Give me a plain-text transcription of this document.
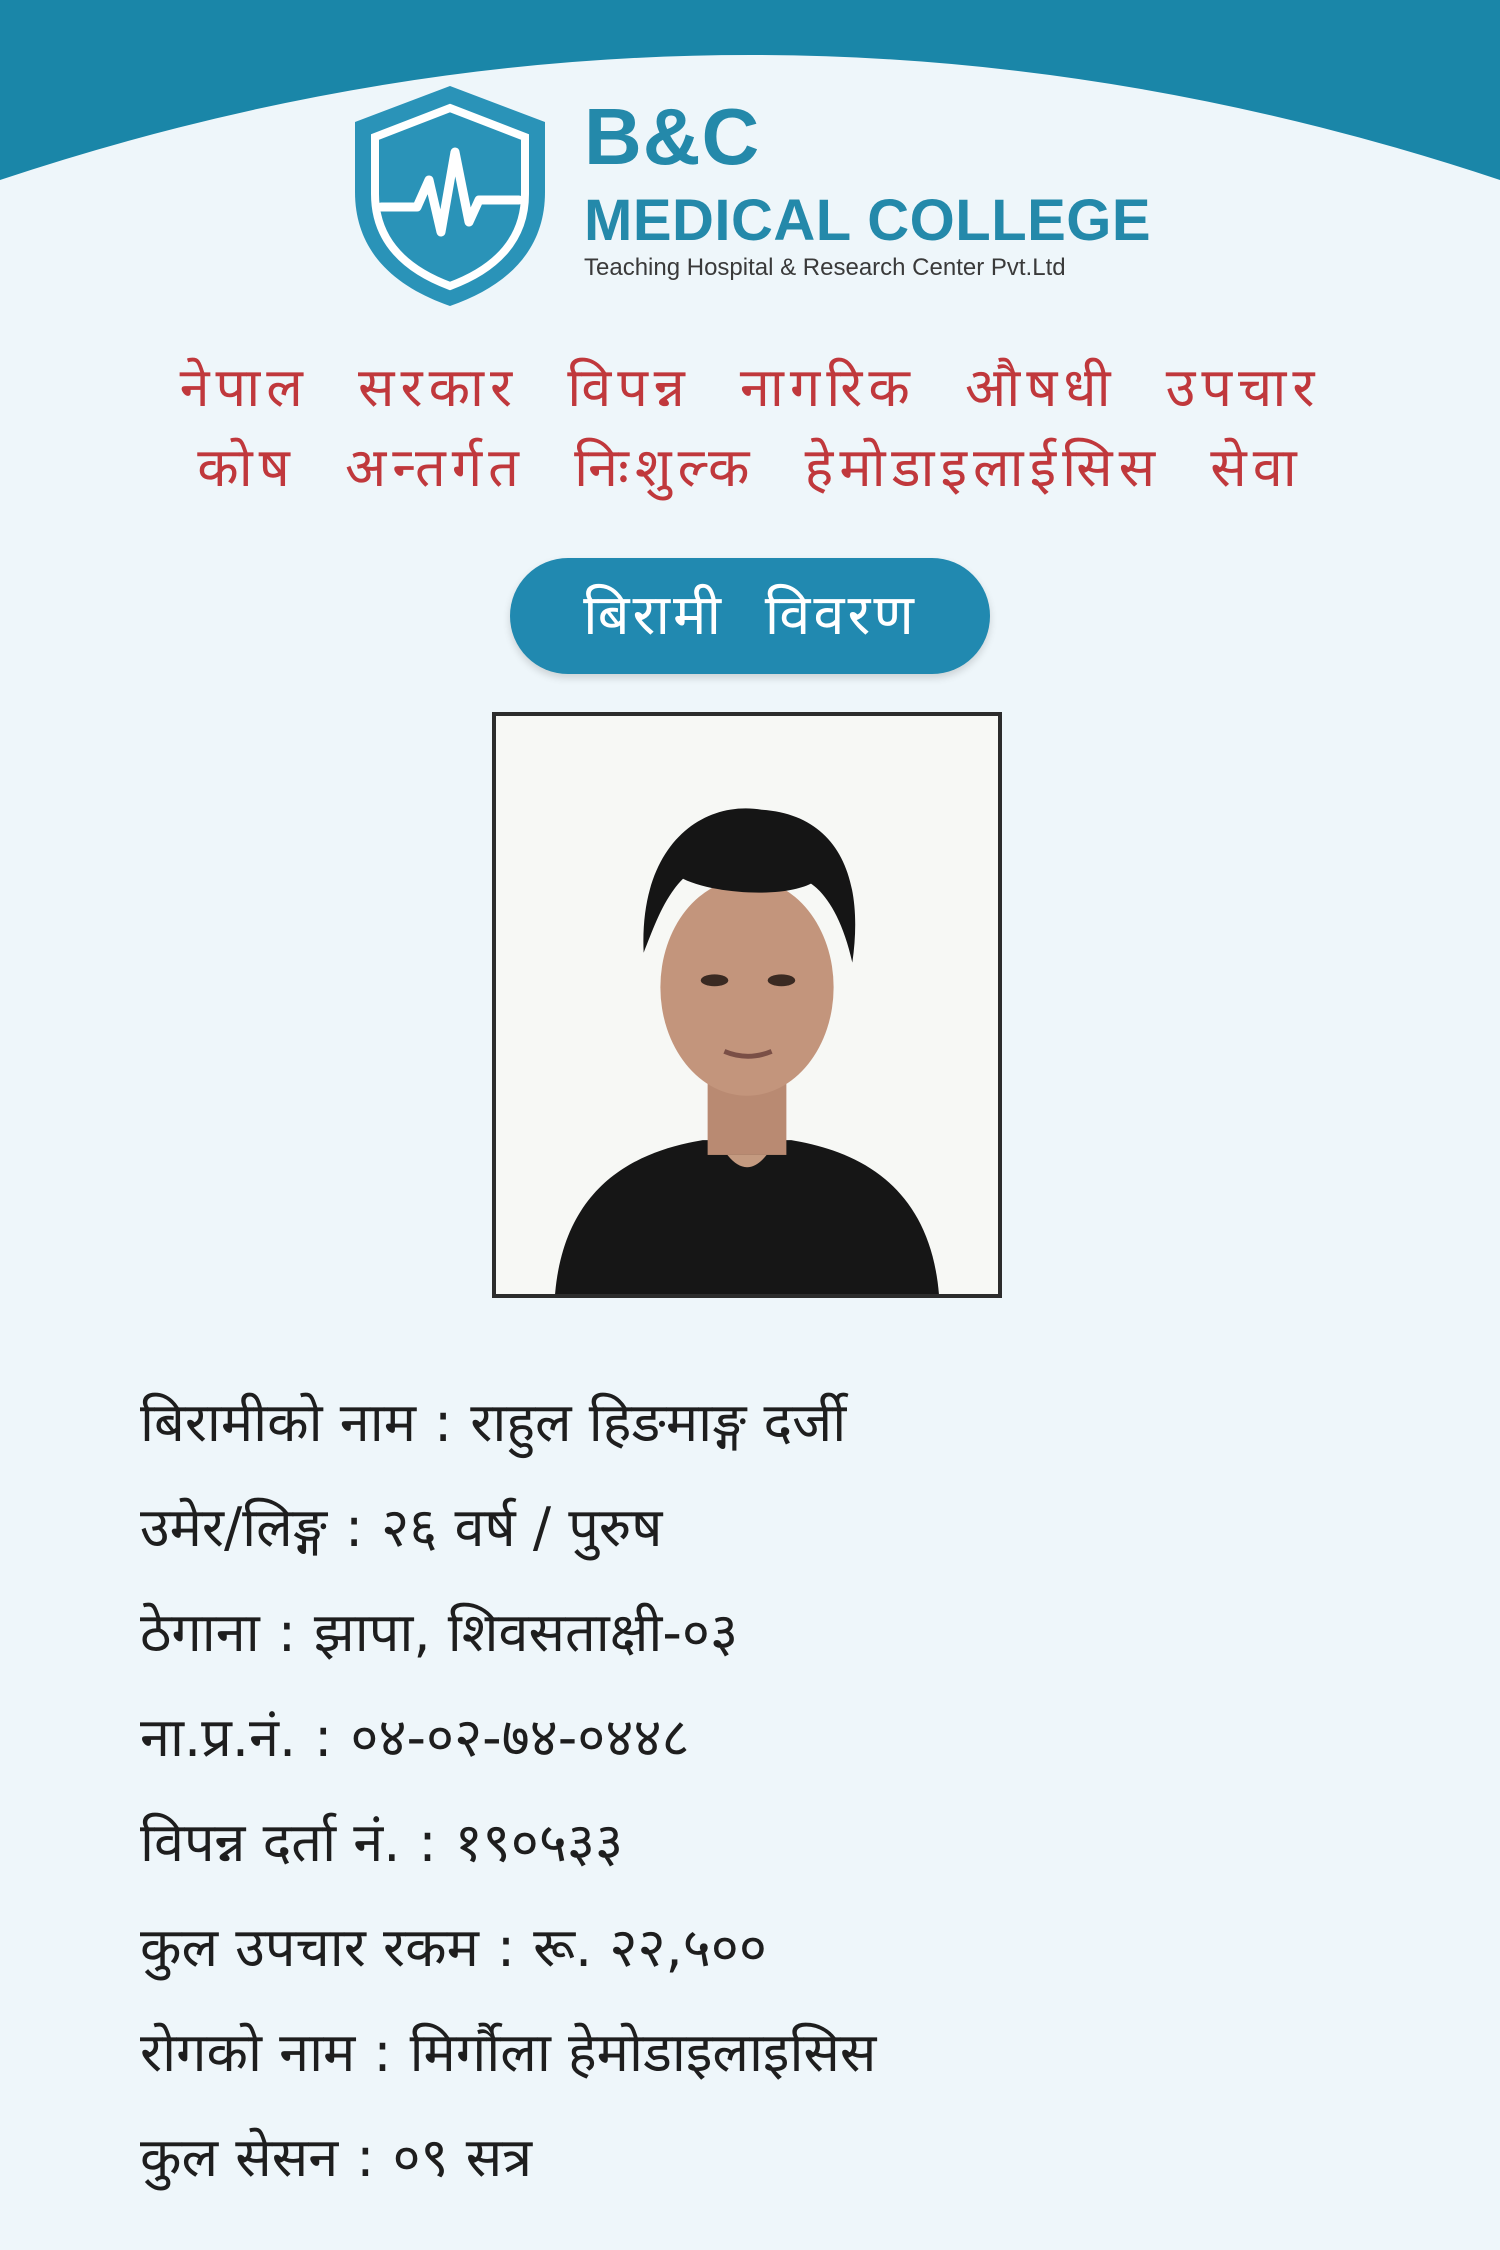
B&C
MEDICAL COLLEGE
Teaching Hospital & Research Center Pvt.Ltd
नेपाल सरकार विपन्न नागरिक औषधी उपचार
कोष अन्तर्गत निःशुल्क हेमोडाइलाईसिस सेवा
बिरामी विवरण
बिरामीको नाम : राहुल हिङमाङ्ग दर्जी
उमेर/लिङ्ग : २६ वर्ष / पुरुष
ठेगाना : झापा, शिवसताक्षी-०३
ना.प्र.नं. : ०४-०२-७४-०४४८
विपन्न दर्ता नं. : १९०५३३
कुल उपचार रकम : रू. २२,५००
रोगको नाम : मिर्गौला हेमोडाइलाइसिस
कुल सेसन : ०९ सत्र
